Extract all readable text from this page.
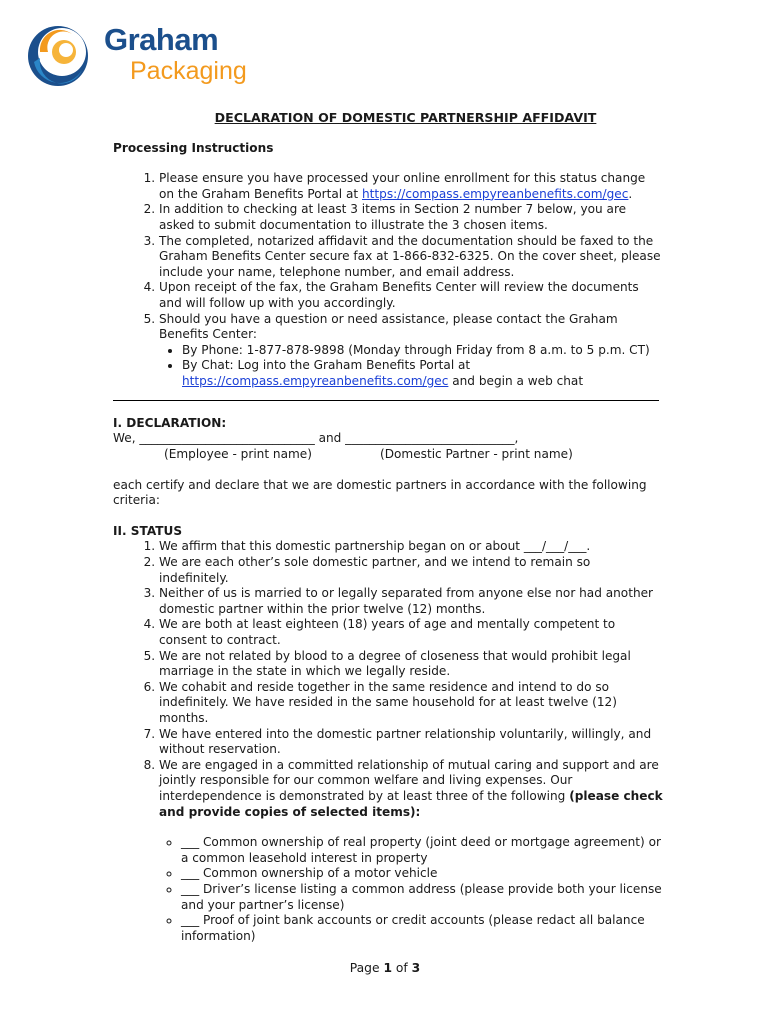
Graham
Packaging
DECLARATION OF DOMESTIC PARTNERSHIP AFFIDAVIT
Processing Instructions
1. Please ensure you have processed your online enrollment for this status change on the Graham Benefits Portal at https://compass.empyreanbenefits.com/gec.
2. In addition to checking at least 3 items in Section 2 number 7 below, you are asked to submit documentation to illustrate the 3 chosen items.
3. The completed, notarized affidavit and the documentation should be faxed to the Graham Benefits Center secure fax at 1-866-832-6325. On the cover sheet, please include your name, telephone number, and email address.
4. Upon receipt of the fax, the Graham Benefits Center will review the documents and will follow up with you accordingly.
5. Should you have a question or need assistance, please contact the Graham Benefits Center:
• By Phone: 1-877-878-9898 (Monday through Friday from 8 a.m. to 5 p.m. CT)
• By Chat: Log into the Graham Benefits Portal at https://compass.empyreanbenefits.com/gec and begin a web chat
I. DECLARATION:
We, _____________________________ and ____________________________,
(Employee - print name)	(Domestic Partner - print name)
each certify and declare that we are domestic partners in accordance with the following criteria:
II. STATUS
1. We affirm that this domestic partnership began on or about ___/___/___.
2. We are each other’s sole domestic partner, and we intend to remain so indefinitely.
3. Neither of us is married to or legally separated from anyone else nor had another domestic partner within the prior twelve (12) months.
4. We are both at least eighteen (18) years of age and mentally competent to consent to contract.
5. We are not related by blood to a degree of closeness that would prohibit legal marriage in the state in which we legally reside.
6. We cohabit and reside together in the same residence and intend to do so indefinitely. We have resided in the same household for at least twelve (12) months.
7. We have entered into the domestic partner relationship voluntarily, willingly, and without reservation.
8. We are engaged in a committed relationship of mutual caring and support and are jointly responsible for our common welfare and living expenses. Our interdependence is demonstrated by at least three of the following (please check and provide copies of selected items):
◦ ___ Common ownership of real property (joint deed or mortgage agreement) or a common leasehold interest in property
◦ ___ Common ownership of a motor vehicle
◦ ___ Driver’s license listing a common address (please provide both your license and your partner’s license)
◦ ___ Proof of joint bank accounts or credit accounts (please redact all balance information)
Page 1 of 3
